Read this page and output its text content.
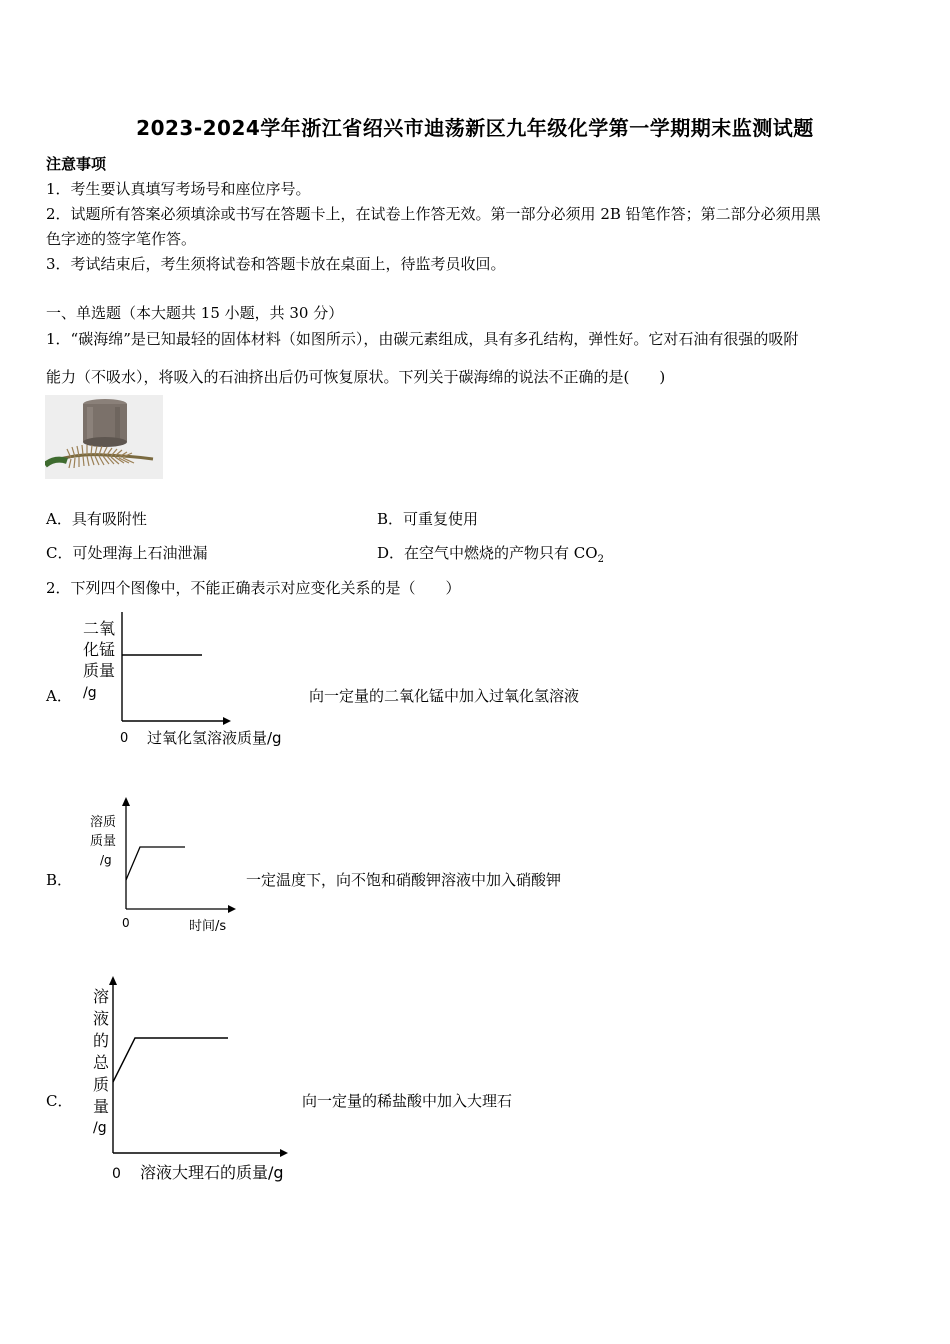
2023-2024学年浙江省绍兴市迪荡新区九年级化学第一学期期末监测试题
注意事项
1．考生要认真填写考场号和座位序号。
2．试题所有答案必须填涂或书写在答题卡上，在试卷上作答无效。第一部分必须用 2B 铅笔作答；第二部分必须用黑
色字迹的签字笔作答。
3．考试结束后，考生须将试卷和答题卡放在桌面上，待监考员收回。
一、单选题（本大题共 15 小题，共 30 分）
1．“碳海绵”是已知最轻的固体材料（如图所示），由碳元素组成，具有多孔结构，弹性好。它对石油有很强的吸附
能力（不吸水），将吸入的石油挤出后仍可恢复原状。下列关于碳海绵的说法不正确的是(　　)
A．具有吸附性	B．可重复使用
C．可处理海上石油泄漏	D．在空气中燃烧的产物只有 $CO_2$
2．下列四个图像中，不能正确表示对应变化关系的是（　　）
A．	向一定量的二氧化锰中加入过氧化氢溶液
二氧
化锰
质量
/g
0 过氧化氢溶液质量/g
B．	一定温度下，向不饱和硝酸钾溶液中加入硝酸钾
溶质
质量
/g
0	时间/s
C．	向一定量的稀盐酸中加入大理石
溶
液
的
总
质
量
/g
0 溶液大理石的质量/g
